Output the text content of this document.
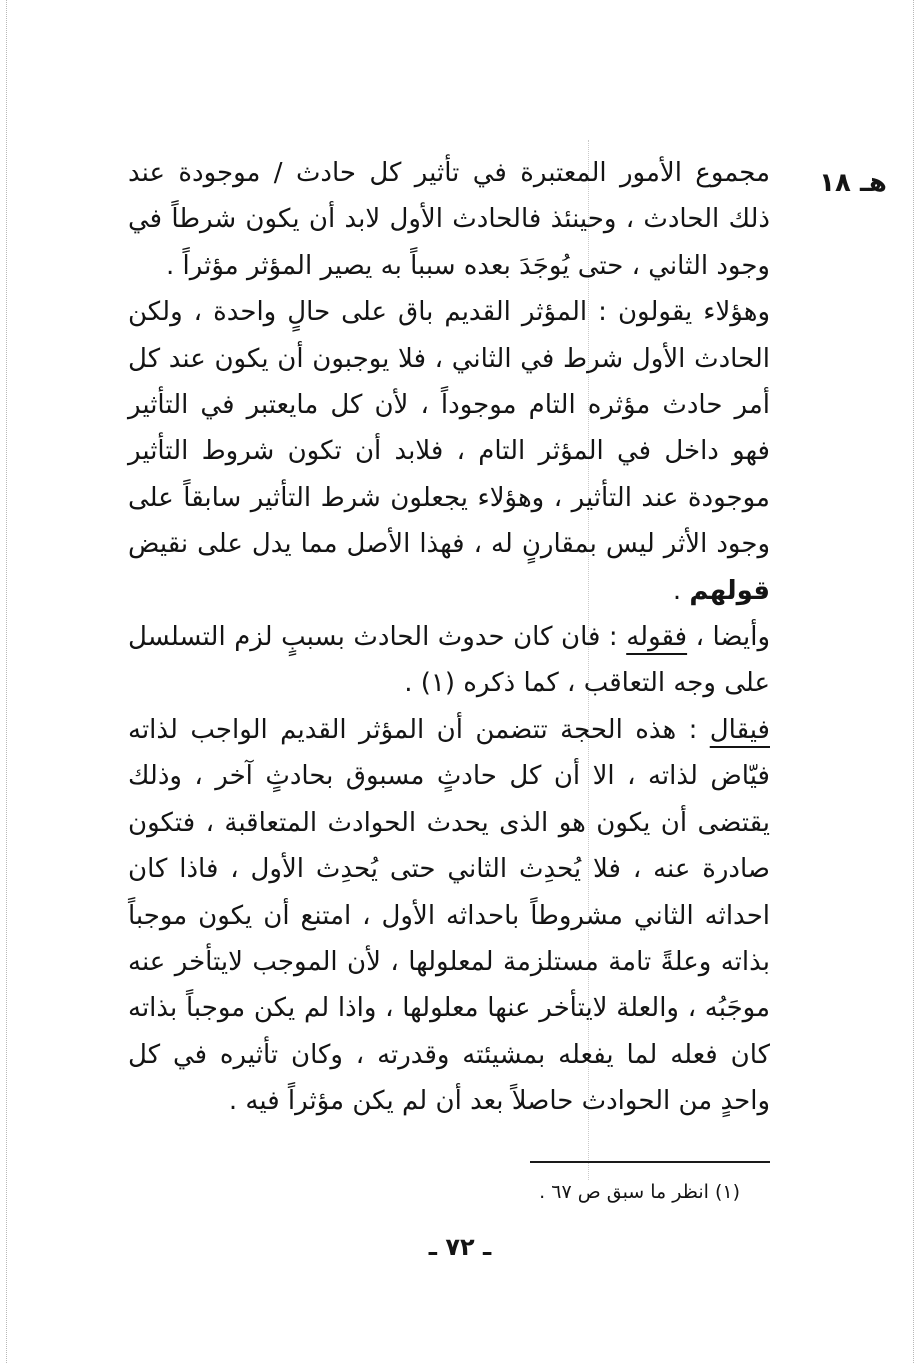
هـ ١٨

مجموع الأمور المعتبرة في تأثير كل حادث / موجودة عند ذلك الحادث ، وحينئذ فالحادث الأول لابد أن يكون شرطاً في وجود الثاني ، حتى يُوجَدَ بعده سبباً به يصير المؤثر مؤثراً .

وهؤلاء يقولون : المؤثر القديم باق على حالٍ واحدة ، ولكن الحادث الأول شرط في الثاني ، فلا يوجبون أن يكون عند كل أمر حادث مؤثره التام موجوداً ، لأن كل مايعتبر في التأثير فهو داخل في المؤثر التام ، فلابد أن تكون شروط التأثير موجودة عند التأثير ، وهؤلاء يجعلون شرط التأثير سابقاً على وجود الأثر ليس بمقارنٍ له ، فهذا الأصل مما يدل على نقيض قولهم .

وأيضا ، فقوله : فان كان حدوث الحادث بسببٍ لزم التسلسل على وجه التعاقب ، كما ذكره (١) .

فيقال : هذه الحجة تتضمن أن المؤثر القديم الواجب لذاته فيّاض لذاته ، الا أن كل حادثٍ مسبوق بحادثٍ آخر ، وذلك يقتضى أن يكون هو الذى يحدث الحوادث المتعاقبة ، فتكون صادرة عنه ، فلا يُحدِث الثاني حتى يُحدِث الأول ، فاذا كان احداثه الثاني مشروطاً باحداثه الأول ، امتنع أن يكون موجباً بذاته وعلةً تامة مستلزمة لمعلولها ، لأن الموجب لايتأخر عنه موجَبُه ، والعلة لايتأخر عنها معلولها ، واذا لم يكن موجباً بذاته كان فعله لما يفعله بمشيئته وقدرته ، وكان تأثيره في كل واحدٍ من الحوادث حاصلاً بعد أن لم يكن مؤثراً فيه .

(١) انظر ما سبق ص ٦٧ .
ـ ٧٢ ـ
